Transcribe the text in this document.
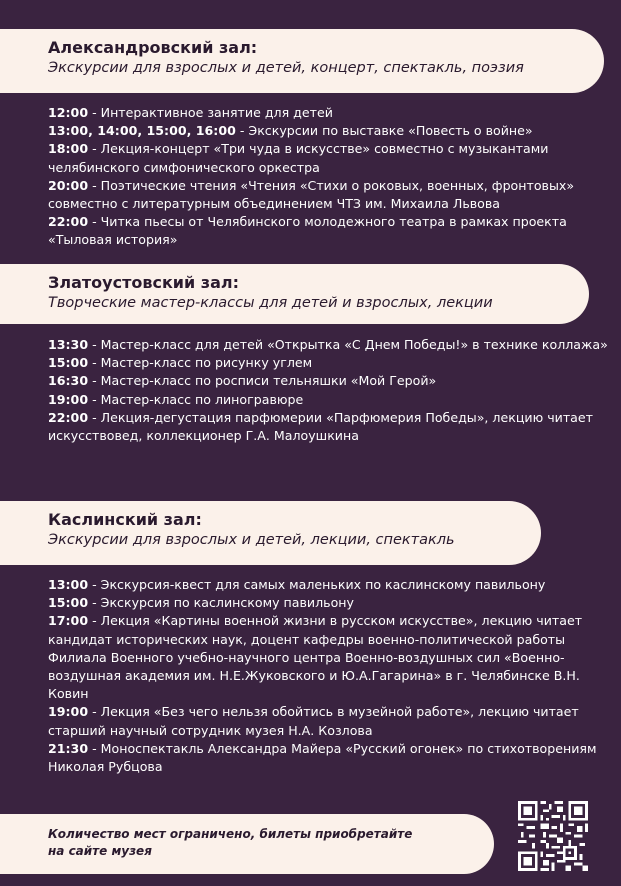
Александровский зал:
Экскурсии для взрослых и детей, концерт, спектакль, поэзия

12:00 - Интерактивное занятие для детей

13:00, 14:00, 15:00, 16:00 - Экскурсии по выставке «Повесть о войне»

18:00 - Лекция-концерт «Три чуда в искусстве» совместно с музыкантами челябинского симфонического оркестра

20:00 - Поэтические чтения «Чтения «Стихи о роковых, военных, фронтовых» совместно с литературным объединением ЧТЗ им. Михаила Львова

22:00 - Читка пьесы от Челябинского молодежного театра в рамках проекта «Тыловая история»

Златоустовский зал:
Творческие мастер-классы для детей и взрослых, лекции

13:30 - Мастер-класс для детей «Открытка «С Днем Победы!» в технике коллажа»

15:00 - Мастер-класс по рисунку углем

16:30 - Мастер-класс по росписи тельняшки «Мой Герой»

19:00 - Мастер-класс по линогравюре

22:00 - Лекция-дегустация парфюмерии «Парфюмерия Победы», лекцию читает искусствовед, коллекционер Г.А. Малоушкина

Каслинский зал:
Экскурсии для взрослых и детей, лекции, спектакль

13:00 - Экскурсия-квест для самых маленьких по каслинскому павильону

15:00 - Экскурсия по каслинскому павильону

17:00 - Лекция «Картины военной жизни в русском искусстве», лекцию читает кандидат исторических наук, доцент кафедры военно-политической работы Филиала Военного учебно-научного центра Военно-воздушных сил «Военно-воздушная академия им. Н.Е.Жуковского и Ю.А.Гагарина» в г. Челябинске В.Н. Ковин

19:00 - Лекция «Без чего нельзя обойтись в музейной работе», лекцию читает старший научный сотрудник музея Н.А. Козлова

21:30 - Моноспектакль Александра Майера «Русский огонек» по стихотворениям Николая Рубцова

Количество мест ограничено, билеты приобретайте
на сайте музея
